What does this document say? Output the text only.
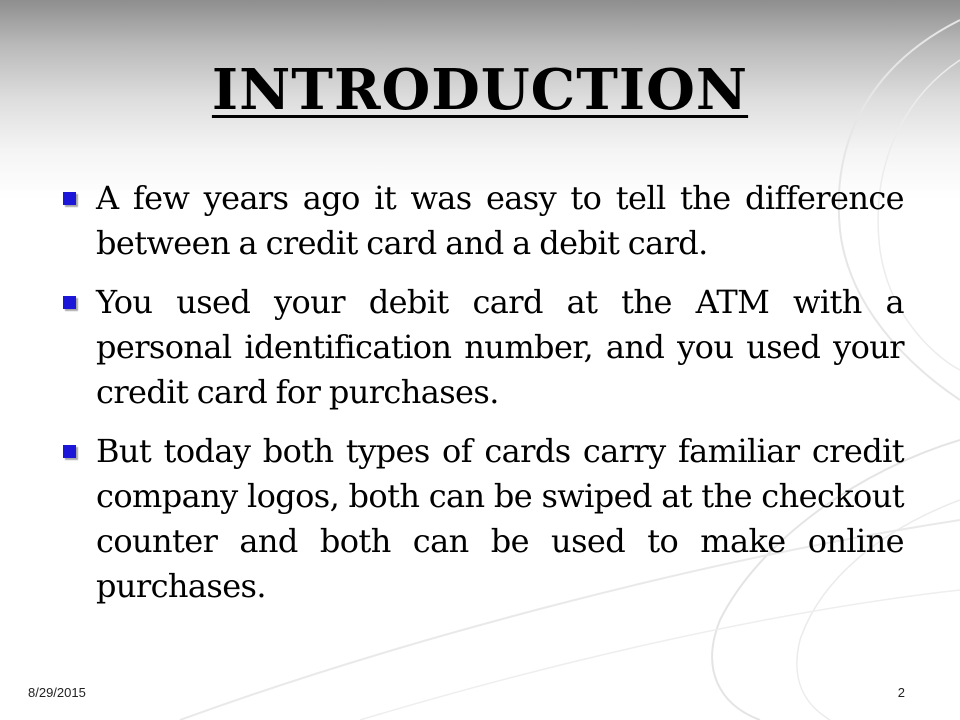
INTRODUCTION
A few years ago it was easy to tell the difference between a credit card and a debit card.
You used your debit card at the ATM with a personal identification number, and you used your credit card for purchases.
But today both types of cards carry familiar credit company logos, both can be swiped at the checkout counter and both can be used to make online purchases.
8/29/2015	2
